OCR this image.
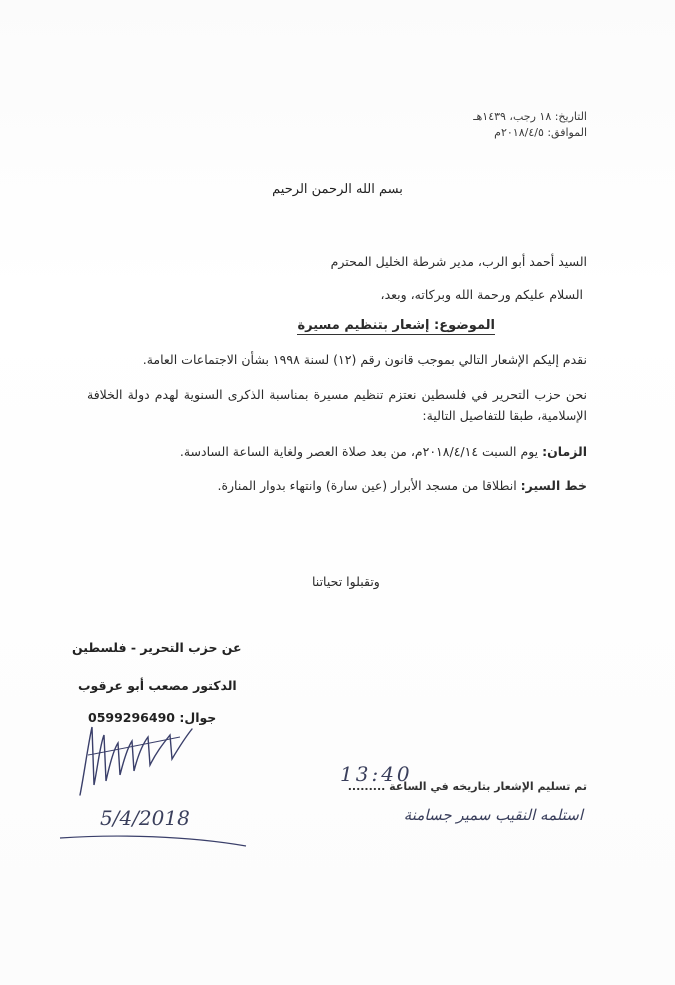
التاريخ: ١٨ رجب، ١٤٣٩هـ
الموافق: ٢٠١٨/٤/٥م
بسم الله الرحمن الرحيم
السيد أحمد أبو الرب، مدير شرطة الخليل المحترم
السلام عليكم ورحمة الله وبركاته، وبعد،
الموضوع: إشعار بتنظيم مسيرة
نقدم إليكم الإشعار التالي بموجب قانون رقم (١٢) لسنة ١٩٩٨ بشأن الاجتماعات العامة.
نحن حزب التحرير في فلسطين نعتزم تنظيم مسيرة بمناسبة الذكرى السنوية لهدم دولة الخلافة الإسلامية، طبقا للتفاصيل التالية:
الزمان: يوم السبت ٢٠١٨/٤/١٤م، من بعد صلاة العصر ولغاية الساعة السادسة.
خط السير: انطلاقا من مسجد الأبرار (عين سارة) وانتهاء بدوار المنارة.
وتقبلوا تحياتنا
عن حزب التحرير - فلسطين
الدكتور مصعب أبو عرقوب
جوال: 0599296490
5/4/2018
تم تسليم الإشعار بتاريخه في الساعة .........
13:40
استلمه النقيب سمير جسامنة
